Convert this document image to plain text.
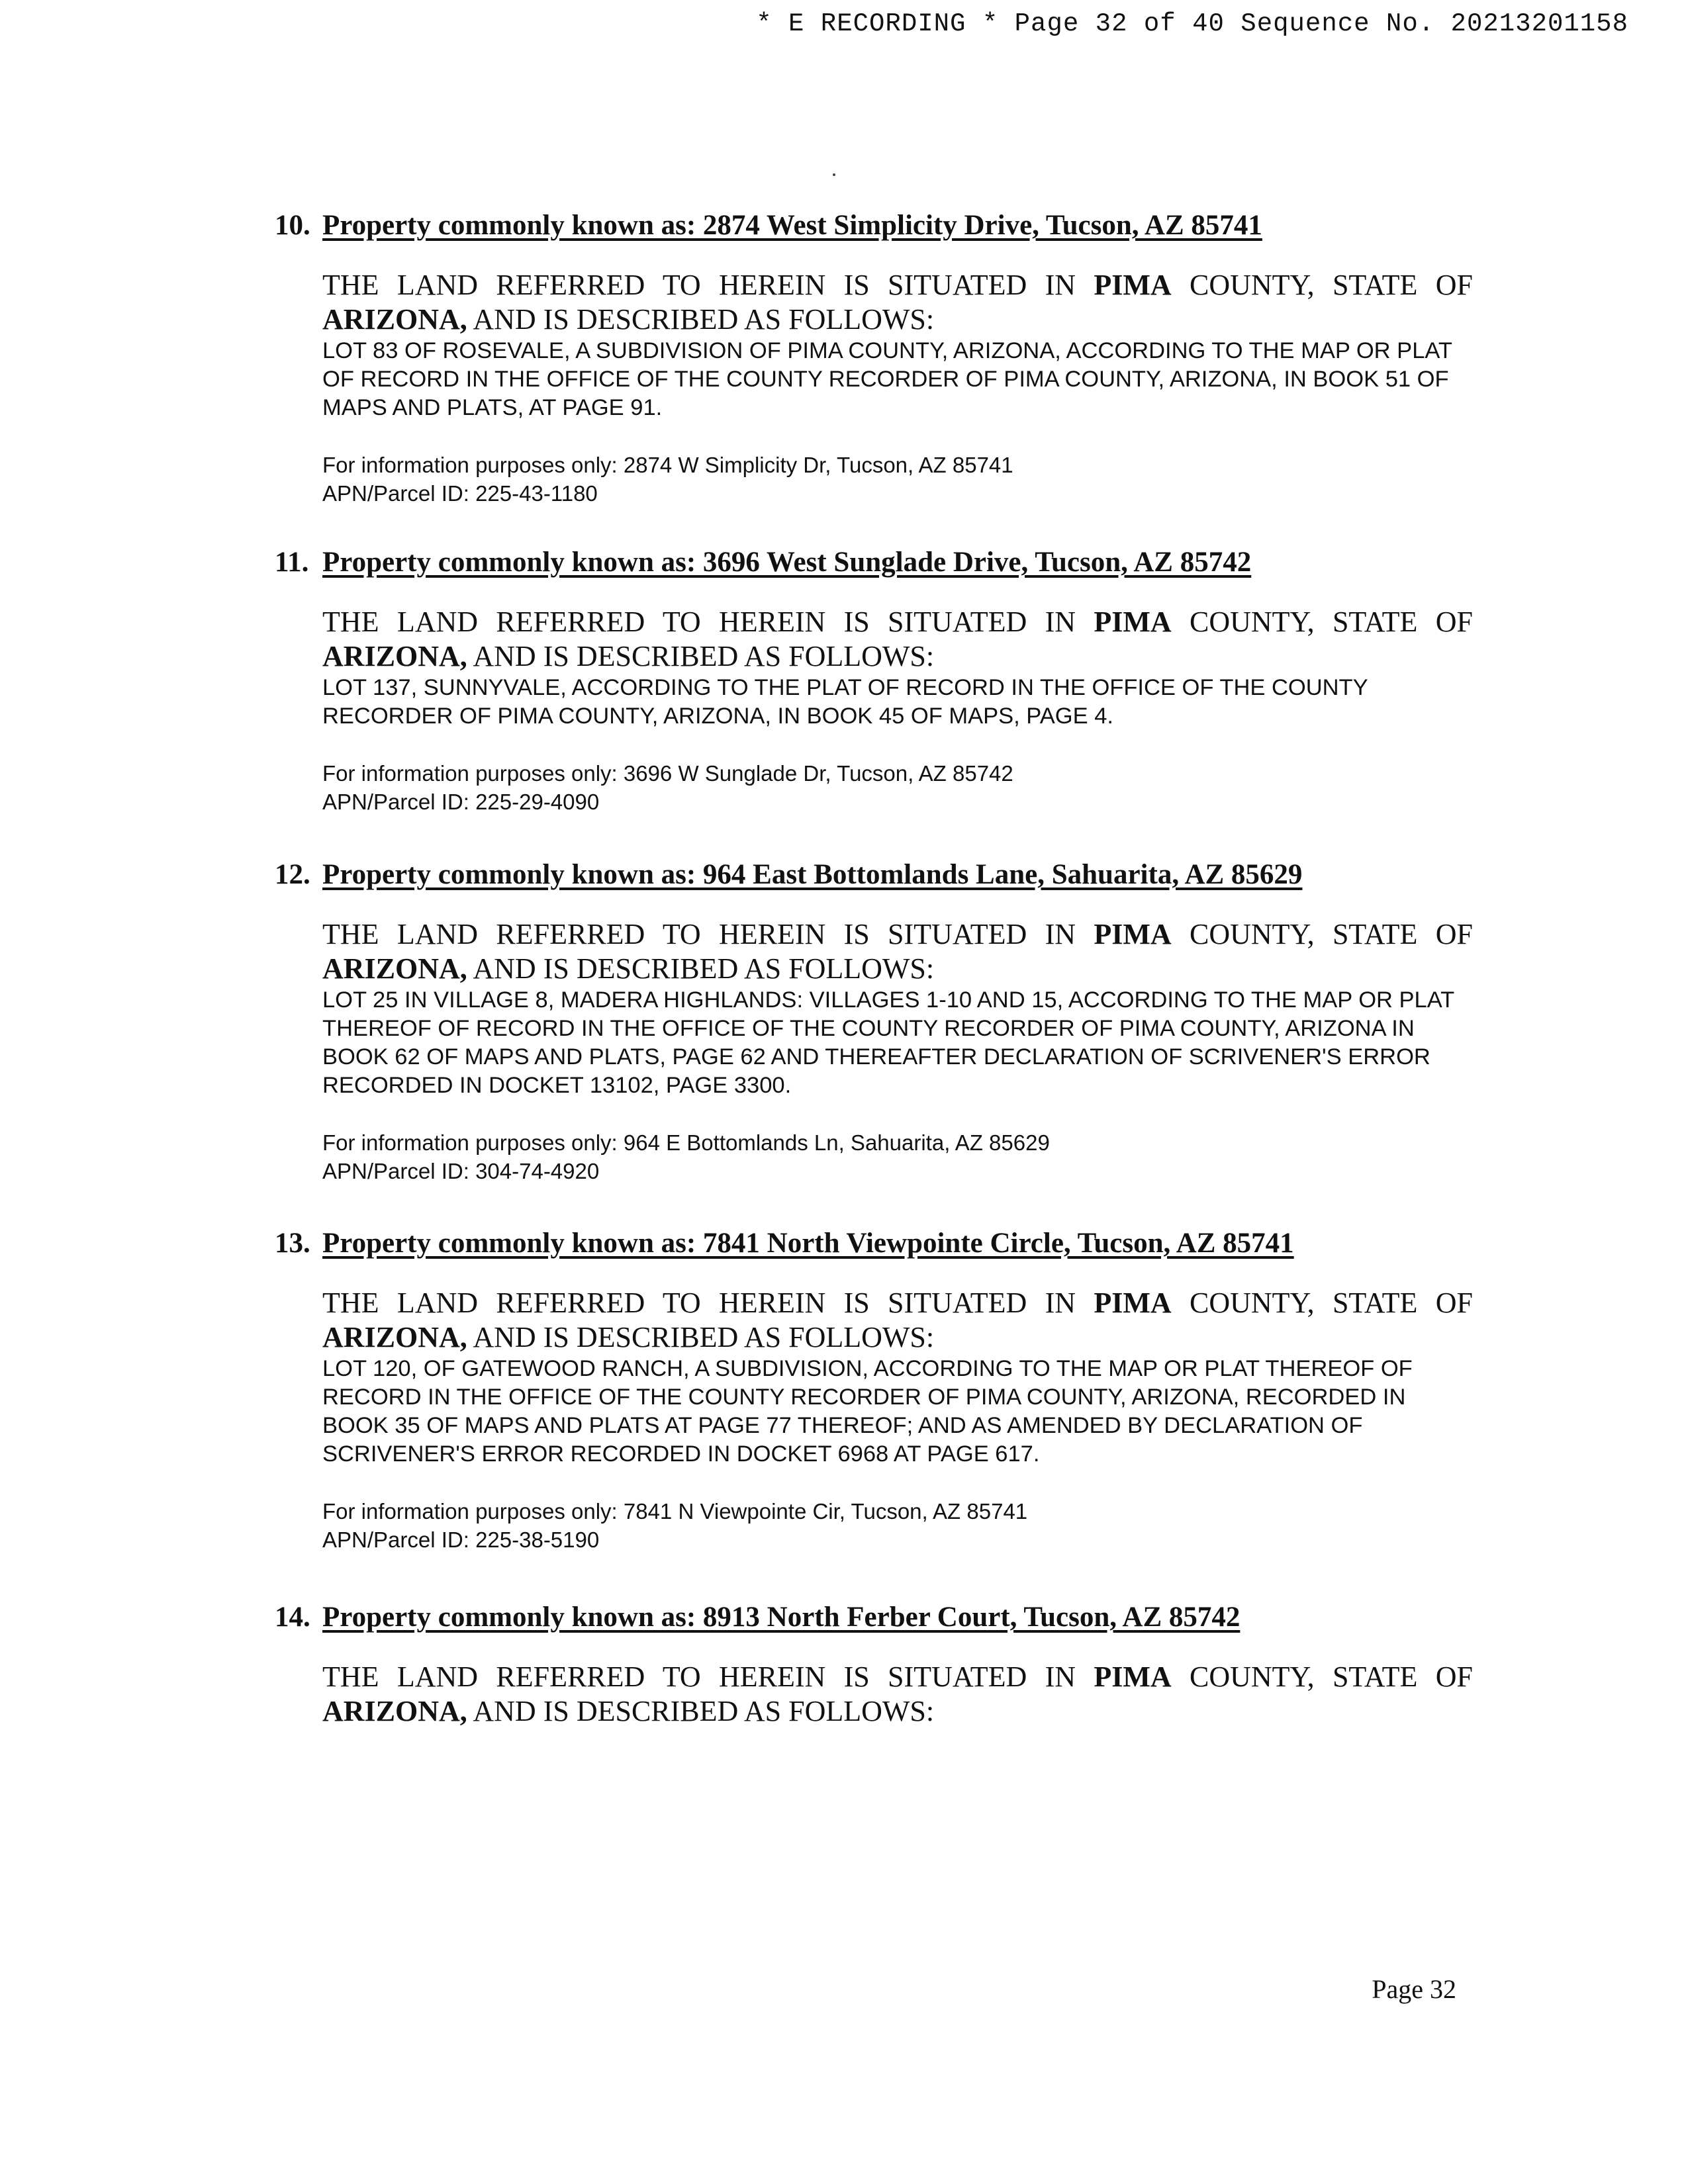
* E RECORDING * Page 32 of 40 Sequence No. 20213201158
10. Property commonly known as: 2874 West Simplicity Drive, Tucson, AZ 85741
THE LAND REFERRED TO HEREIN IS SITUATED IN PIMA COUNTY, STATE OF
ARIZONA, AND IS DESCRIBED AS FOLLOWS:
LOT 83 OF ROSEVALE, A SUBDIVISION OF PIMA COUNTY, ARIZONA, ACCORDING TO THE MAP OR PLAT
OF RECORD IN THE OFFICE OF THE COUNTY RECORDER OF PIMA COUNTY, ARIZONA, IN BOOK 51 OF
MAPS AND PLATS, AT PAGE 91.
For information purposes only: 2874 W Simplicity Dr, Tucson, AZ 85741
APN/Parcel ID: 225-43-1180
11. Property commonly known as: 3696 West Sunglade Drive, Tucson, AZ 85742
THE LAND REFERRED TO HEREIN IS SITUATED IN PIMA COUNTY, STATE OF
ARIZONA, AND IS DESCRIBED AS FOLLOWS:
LOT 137, SUNNYVALE, ACCORDING TO THE PLAT OF RECORD IN THE OFFICE OF THE COUNTY
RECORDER OF PIMA COUNTY, ARIZONA, IN BOOK 45 OF MAPS, PAGE 4.
For information purposes only: 3696 W Sunglade Dr, Tucson, AZ 85742
APN/Parcel ID: 225-29-4090
12. Property commonly known as: 964 East Bottomlands Lane, Sahuarita, AZ 85629
THE LAND REFERRED TO HEREIN IS SITUATED IN PIMA COUNTY, STATE OF
ARIZONA, AND IS DESCRIBED AS FOLLOWS:
LOT 25 IN VILLAGE 8, MADERA HIGHLANDS: VILLAGES 1-10 AND 15, ACCORDING TO THE MAP OR PLAT
THEREOF OF RECORD IN THE OFFICE OF THE COUNTY RECORDER OF PIMA COUNTY, ARIZONA IN
BOOK 62 OF MAPS AND PLATS, PAGE 62 AND THEREAFTER DECLARATION OF SCRIVENER'S ERROR
RECORDED IN DOCKET 13102, PAGE 3300.
For information purposes only: 964 E Bottomlands Ln, Sahuarita, AZ 85629
APN/Parcel ID: 304-74-4920
13. Property commonly known as: 7841 North Viewpointe Circle, Tucson, AZ 85741
THE LAND REFERRED TO HEREIN IS SITUATED IN PIMA COUNTY, STATE OF
ARIZONA, AND IS DESCRIBED AS FOLLOWS:
LOT 120, OF GATEWOOD RANCH, A SUBDIVISION, ACCORDING TO THE MAP OR PLAT THEREOF OF
RECORD IN THE OFFICE OF THE COUNTY RECORDER OF PIMA COUNTY, ARIZONA, RECORDED IN
BOOK 35 OF MAPS AND PLATS AT PAGE 77 THEREOF; AND AS AMENDED BY DECLARATION OF
SCRIVENER'S ERROR RECORDED IN DOCKET 6968 AT PAGE 617.
For information purposes only: 7841 N Viewpointe Cir, Tucson, AZ 85741
APN/Parcel ID: 225-38-5190
14. Property commonly known as: 8913 North Ferber Court, Tucson, AZ 85742
THE LAND REFERRED TO HEREIN IS SITUATED IN PIMA COUNTY, STATE OF
ARIZONA, AND IS DESCRIBED AS FOLLOWS:
Page 32
